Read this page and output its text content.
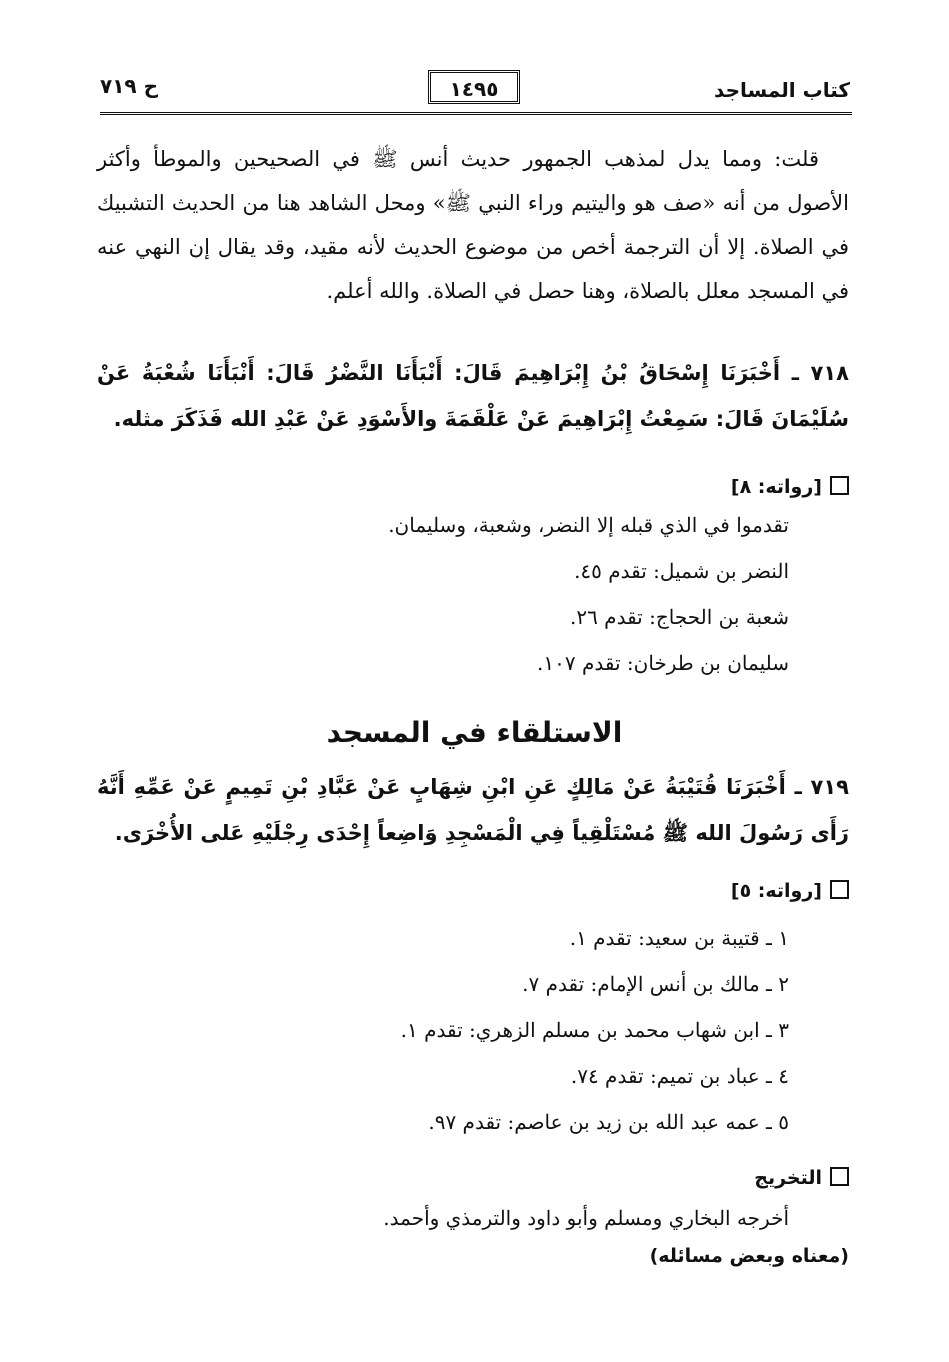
كتاب المساجد
١٤٩٥
ح ٧١٩
قلت: ومما يدل لمذهب الجمهور حديث أنس ﷺ في الصحيحين والموطأ وأكثر الأصول من أنه «صف هو واليتيم وراء النبي ﷺ» ومحل الشاهد هنا من الحديث التشبيك في الصلاة. إلا أن الترجمة أخص من موضوع الحديث لأنه مقيد، وقد يقال إن النهي عنه في المسجد معلل بالصلاة، وهنا حصل في الصلاة. والله أعلم.
٧١٨ ـ أَخْبَرَنَا إِسْحَاقُ بْنُ إِبْرَاهِيمَ قَالَ: أَنْبَأَنَا النَّضْرُ قَالَ: أَنْبَأَنَا شُعْبَةُ عَنْ سُلَيْمَانَ قَالَ: سَمِعْتُ إِبْرَاهِيمَ عَنْ عَلْقَمَةَ والأَسْوَدِ عَنْ عَبْدِ الله فَذَكَرَ مثله.
[رواته: ٨]
تقدموا في الذي قبله إلا النضر، وشعبة، وسليمان.
النضر بن شميل: تقدم ٤٥.
شعبة بن الحجاج: تقدم ٢٦.
سليمان بن طرخان: تقدم ١٠٧.
الاستلقاء في المسجد
٧١٩ ـ أَخْبَرَنَا قُتَيْبَةُ عَنْ مَالِكٍ عَنِ ابْنِ شِهَابٍ عَنْ عَبَّادِ بْنِ تَمِيمٍ عَنْ عَمِّهِ أَنَّهُ رَأَى رَسُولَ الله ﷺ مُسْتَلْقِياً فِي الْمَسْجِدِ وَاضِعاً إِحْدَى رِجْلَيْهِ عَلى الأُخْرَى.
[رواته: ٥]
١ ـ قتيبة بن سعيد: تقدم ١.
٢ ـ مالك بن أنس الإمام: تقدم ٧.
٣ ـ ابن شهاب محمد بن مسلم الزهري: تقدم ١.
٤ ـ عباد بن تميم: تقدم ٧٤.
٥ ـ عمه عبد الله بن زيد بن عاصم: تقدم ٩٧.
التخريج
أخرجه البخاري ومسلم وأبو داود والترمذي وأحمد.
(معناه وبعض مسائله)
